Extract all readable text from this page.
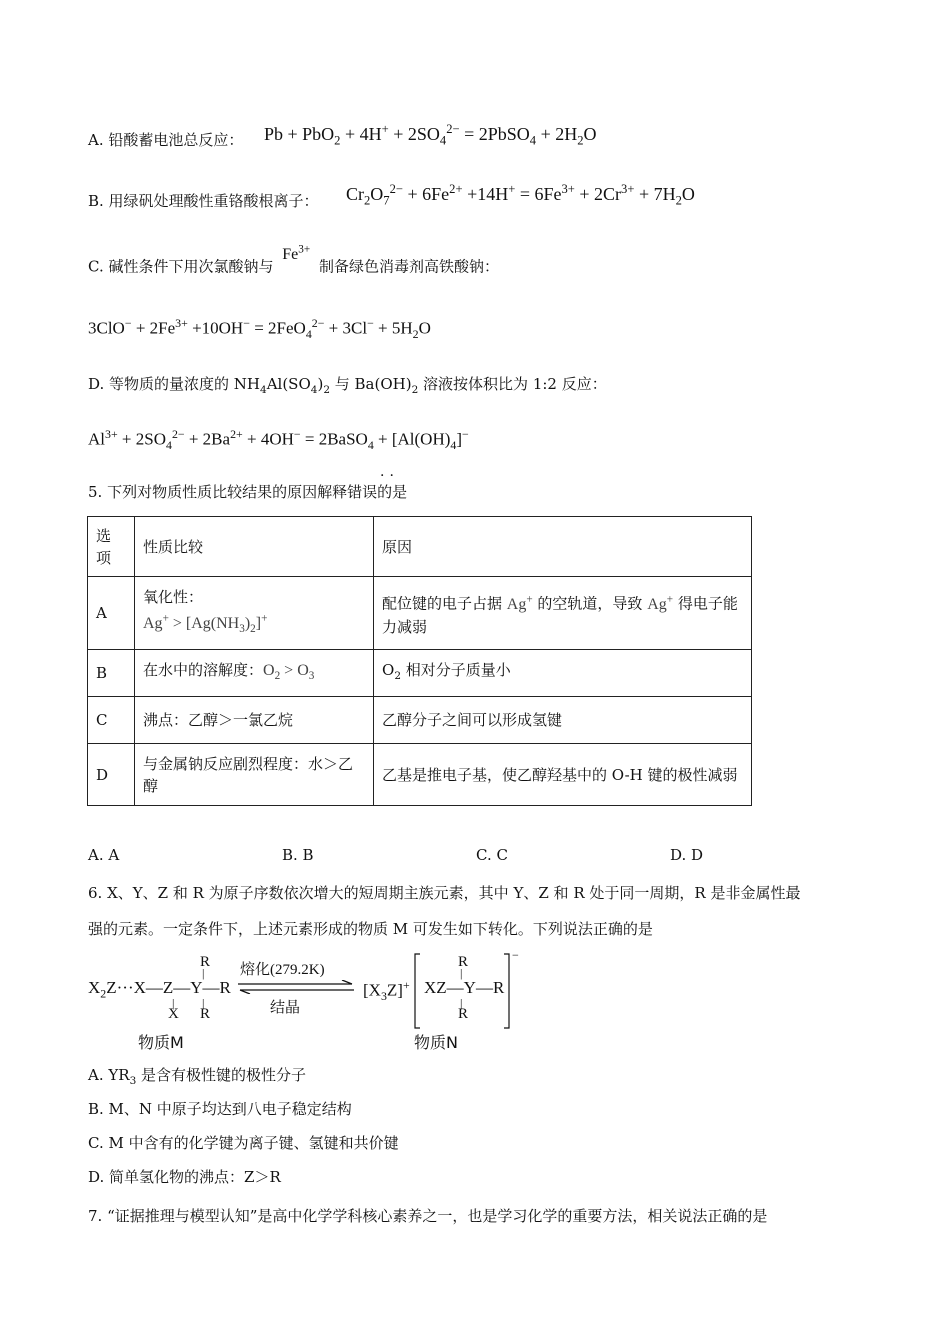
A. 铅酸蓄电池总反应： $Pb + PbO_2 + 4H^+ + 2SO_4^{2-}$ = 2PbSO$_4$ + $2H_2O$
B. 用绿矾处理酸性重铬酸根离子： $Cr_2O_7^{2-} + 6Fe^{2+} +14H^+ = 6Fe^{3+} + 2Cr^{3+} + 7H_2O$
C. 碱性条件下用次氯酸钠与 $Fe^{3+}$ 制备绿色消毒剂高铁酸钠：
$3ClO^- + 2Fe^{3+} +10OH^- = 2FeO_4^{2-} + 3Cl^- + 5H_2O$
D. 等物质的量浓度的 $NH_4Al(SO_4)_2$ 与 $Ba(OH)_2$ 溶液按体积比为 1:2 反应：
$Al^{3+} + 2SO_4^{2-} + 2Ba^{2+} + 4OH^-$ = 2BaSO$_4$ + $[Al(OH)_4]^-$
··
5. 下列对物质性质比较结果的原因解释错误的是
选
项	性质比较	原因
A	氧化性：
$Ag^+ > [Ag(NH_3)_2]^+$	配位键的电子占据 Ag+ 的空轨道，导致 Ag+ 得电子能力减弱
B	在水中的溶解度：$O_2 > O_3$	$O_2$ 相对分子质量小
C	沸点：乙醇＞一氯乙烷	乙醇分子之间可以形成氢键
D	与金属钠反应剧烈程度：水＞乙醇	乙基是推电子基，使乙醇羟基中的 O-H 键的极性减弱
A. A	B. B	C. C	D. D
6. X、Y、Z 和 R 为原子序数依次增大的短周期主族元素，其中 Y、Z 和 R 处于同一周期，R 是非金属性最
强的元素。一定条件下，上述元素形成的物质 M 可发生如下转化。下列说法正确的是
$X_2Z\cdot\cdot\cdot X—Z—Y—R$

R
|
| |
X R
物质M
熔化(279.2K)
结晶
$[X_3Z]^+$ XZ—Y—R
R
|
|
R
−
物质N
A. $YR_3$ 是含有极性键的极性分子
B. M、N 中原子均达到八电子稳定结构
C. M 中含有的化学键为离子键、氢键和共价键
D. 简单氢化物的沸点：Z＞R
7. “证据推理与模型认知”是高中化学学科核心素养之一，也是学习化学的重要方法，相关说法正确的是
